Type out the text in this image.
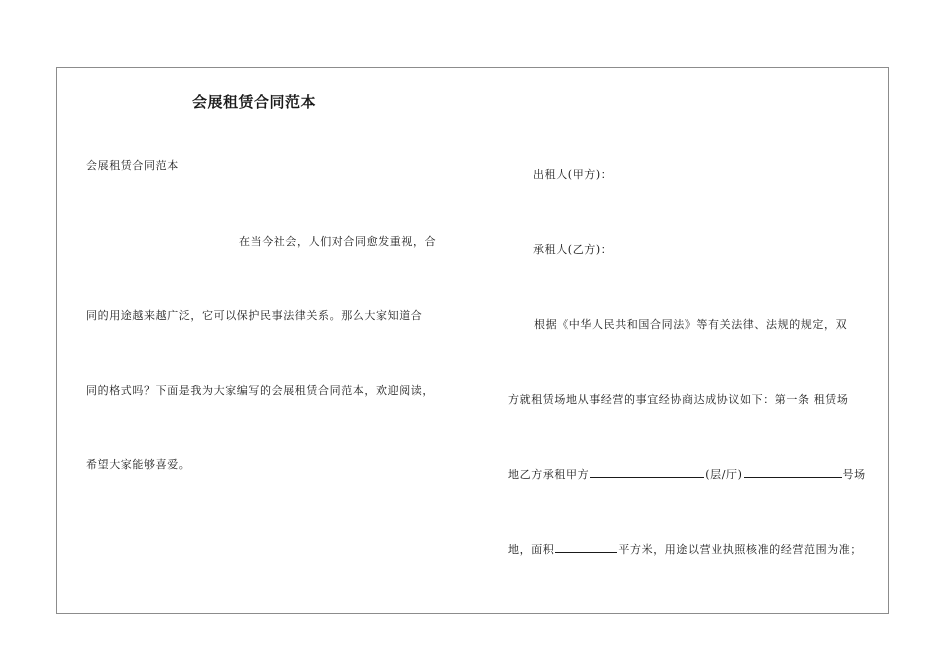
会展租赁合同范本
会展租赁合同范本
在当今社会，人们对合同愈发重视，合
同的用途越来越广泛，它可以保护民事法律关系。那么大家知道合
同的格式吗？下面是我为大家编写的会展租赁合同范本，欢迎阅读，
希望大家能够喜爱。
出租人(甲方)：
承租人(乙方)：
根据《中华人民共和国合同法》等有关法律、法规的规定，双
方就租赁场地从事经营的事宜经协商达成协议如下：第一条 租赁场
地乙方承租甲方	(层/厅)	号场
地，面积	平方米，用途以营业执照核准的经营范围为准；
